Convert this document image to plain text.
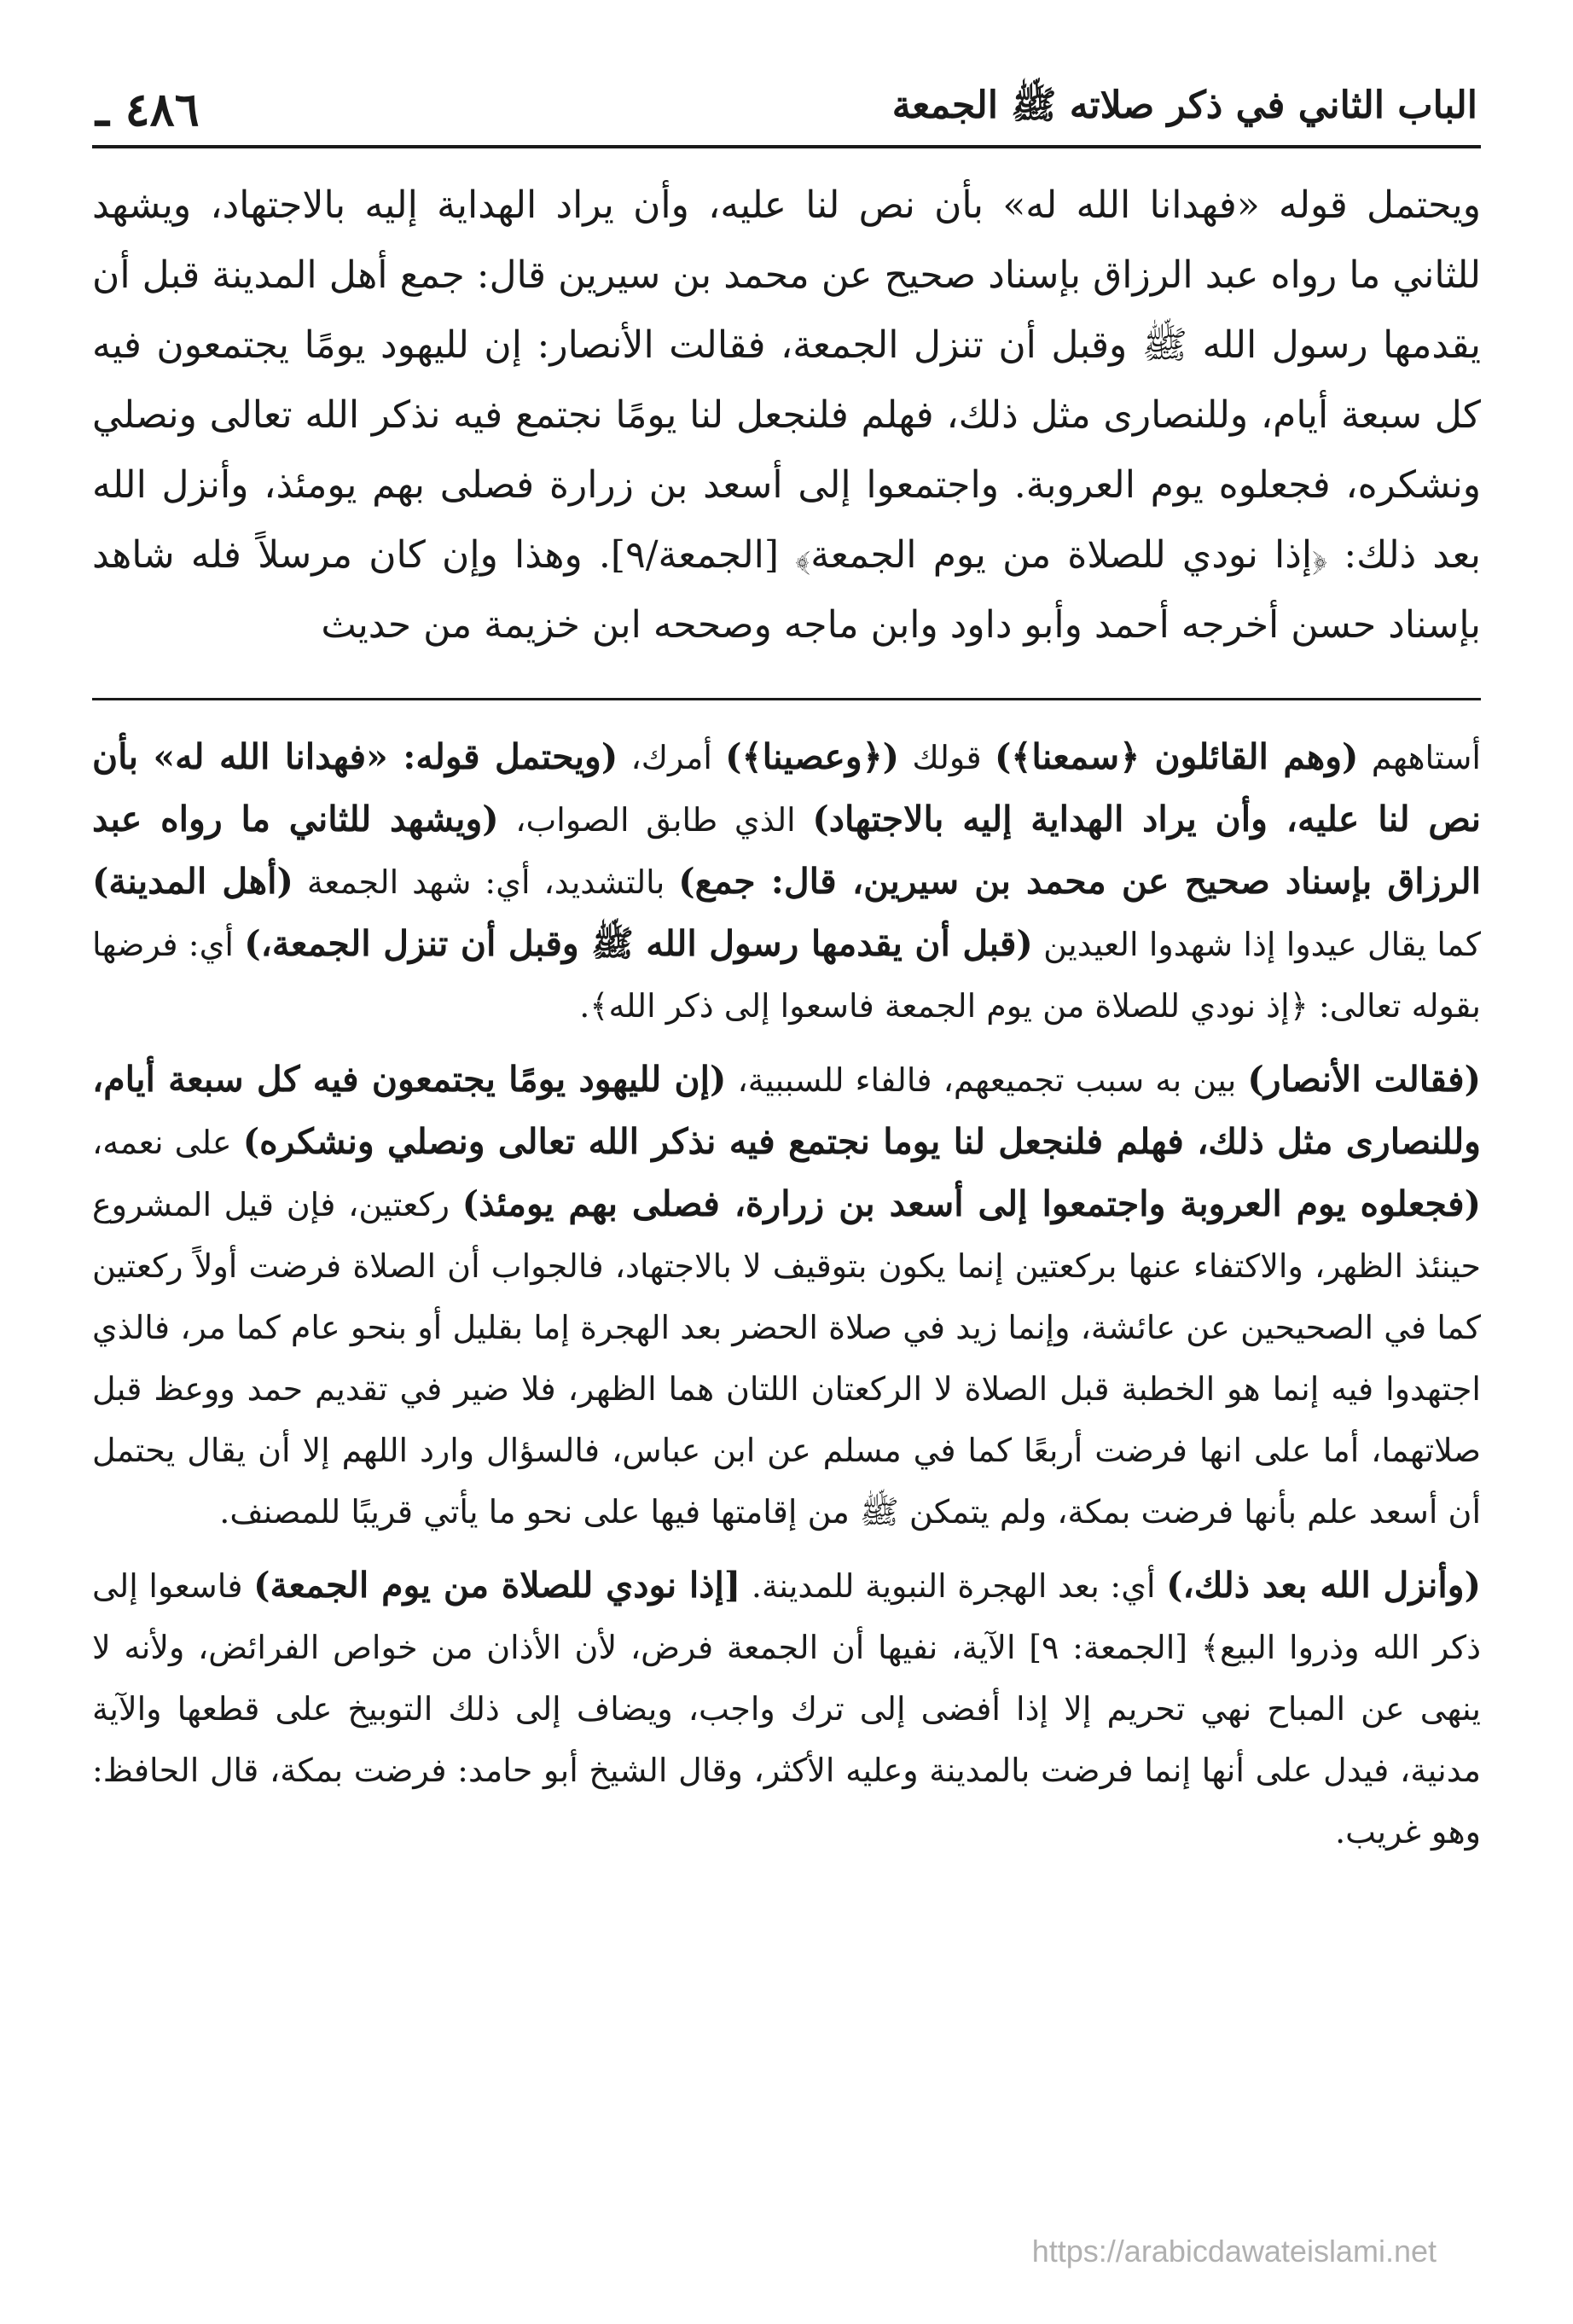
الباب الثاني في ذكر صلاته ﷺ الجمعة
٤٨٦ ـ

ويحتمل قوله «فهدانا الله له» بأن نص لنا عليه، وأن يراد الهداية إليه بالاجتهاد، ويشهد للثاني ما رواه عبد الرزاق بإسناد صحيح عن محمد بن سيرين قال: جمع أهل المدينة قبل أن يقدمها رسول الله ﷺ وقبل أن تنزل الجمعة، فقالت الأنصار: إن لليهود يومًا يجتمعون فيه كل سبعة أيام، وللنصارى مثل ذلك، فهلم فلنجعل لنا يومًا نجتمع فيه نذكر الله تعالى ونصلي ونشكره، فجعلوه يوم العروبة. واجتمعوا إلى أسعد بن زرارة فصلى بهم يومئذ، وأنزل الله بعد ذلك: ﴿إذا نودي للصلاة من يوم الجمعة﴾ [الجمعة/٩]. وهذا وإن كان مرسلاً فله شاهد بإسناد حسن أخرجه أحمد وأبو داود وابن ماجه وصححه ابن خزيمة من حديث

أستاههم (وهم القائلون ﴿سمعنا﴾) قولك (﴿وعصينا﴾) أمرك، (ويحتمل قوله: «فهدانا الله له» بأن نص لنا عليه، وأن يراد الهداية إليه بالاجتهاد) الذي طابق الصواب، (ويشهد للثاني ما رواه عبد الرزاق بإسناد صحيح عن محمد بن سيرين، قال: جمع) بالتشديد، أي: شهد الجمعة (أهل المدينة) كما يقال عيدوا إذا شهدوا العيدين (قبل أن يقدمها رسول الله ﷺ وقبل أن تنزل الجمعة،) أي: فرضها بقوله تعالى: ﴿إذ نودي للصلاة من يوم الجمعة فاسعوا إلى ذكر الله﴾.

(فقالت الأنصار) بين به سبب تجميعهم، فالفاء للسببية، (إن لليهود يومًا يجتمعون فيه كل سبعة أيام، وللنصارى مثل ذلك، فهلم فلنجعل لنا يوما نجتمع فيه نذكر الله تعالى ونصلي ونشكره) على نعمه، (فجعلوه يوم العروبة واجتمعوا إلى أسعد بن زرارة، فصلى بهم يومئذ) ركعتين، فإن قيل المشروع حينئذ الظهر، والاكتفاء عنها بركعتين إنما يكون بتوقيف لا بالاجتهاد، فالجواب أن الصلاة فرضت أولاً ركعتين كما في الصحيحين عن عائشة، وإنما زيد في صلاة الحضر بعد الهجرة إما بقليل أو بنحو عام كما مر، فالذي اجتهدوا فيه إنما هو الخطبة قبل الصلاة لا الركعتان اللتان هما الظهر، فلا ضير في تقديم حمد ووعظ قبل صلاتهما، أما على انها فرضت أربعًا كما في مسلم عن ابن عباس، فالسؤال وارد اللهم إلا أن يقال يحتمل أن أسعد علم بأنها فرضت بمكة، ولم يتمكن ﷺ من إقامتها فيها على نحو ما يأتي قريبًا للمصنف.

(وأنزل الله بعد ذلك،) أي: بعد الهجرة النبوية للمدينة. [إذا نودي للصلاة من يوم الجمعة) فاسعوا إلى ذكر الله وذروا البيع﴾ [الجمعة: ٩] الآية، نفيها أن الجمعة فرض، لأن الأذان من خواص الفرائض، ولأنه لا ينهى عن المباح نهي تحريم إلا إذا أفضى إلى ترك واجب، ويضاف إلى ذلك التوبيخ على قطعها والآية مدنية، فيدل على أنها إنما فرضت بالمدينة وعليه الأكثر، وقال الشيخ أبو حامد: فرضت بمكة، قال الحافظ: وهو غريب.

https://arabicdawateislami.net
